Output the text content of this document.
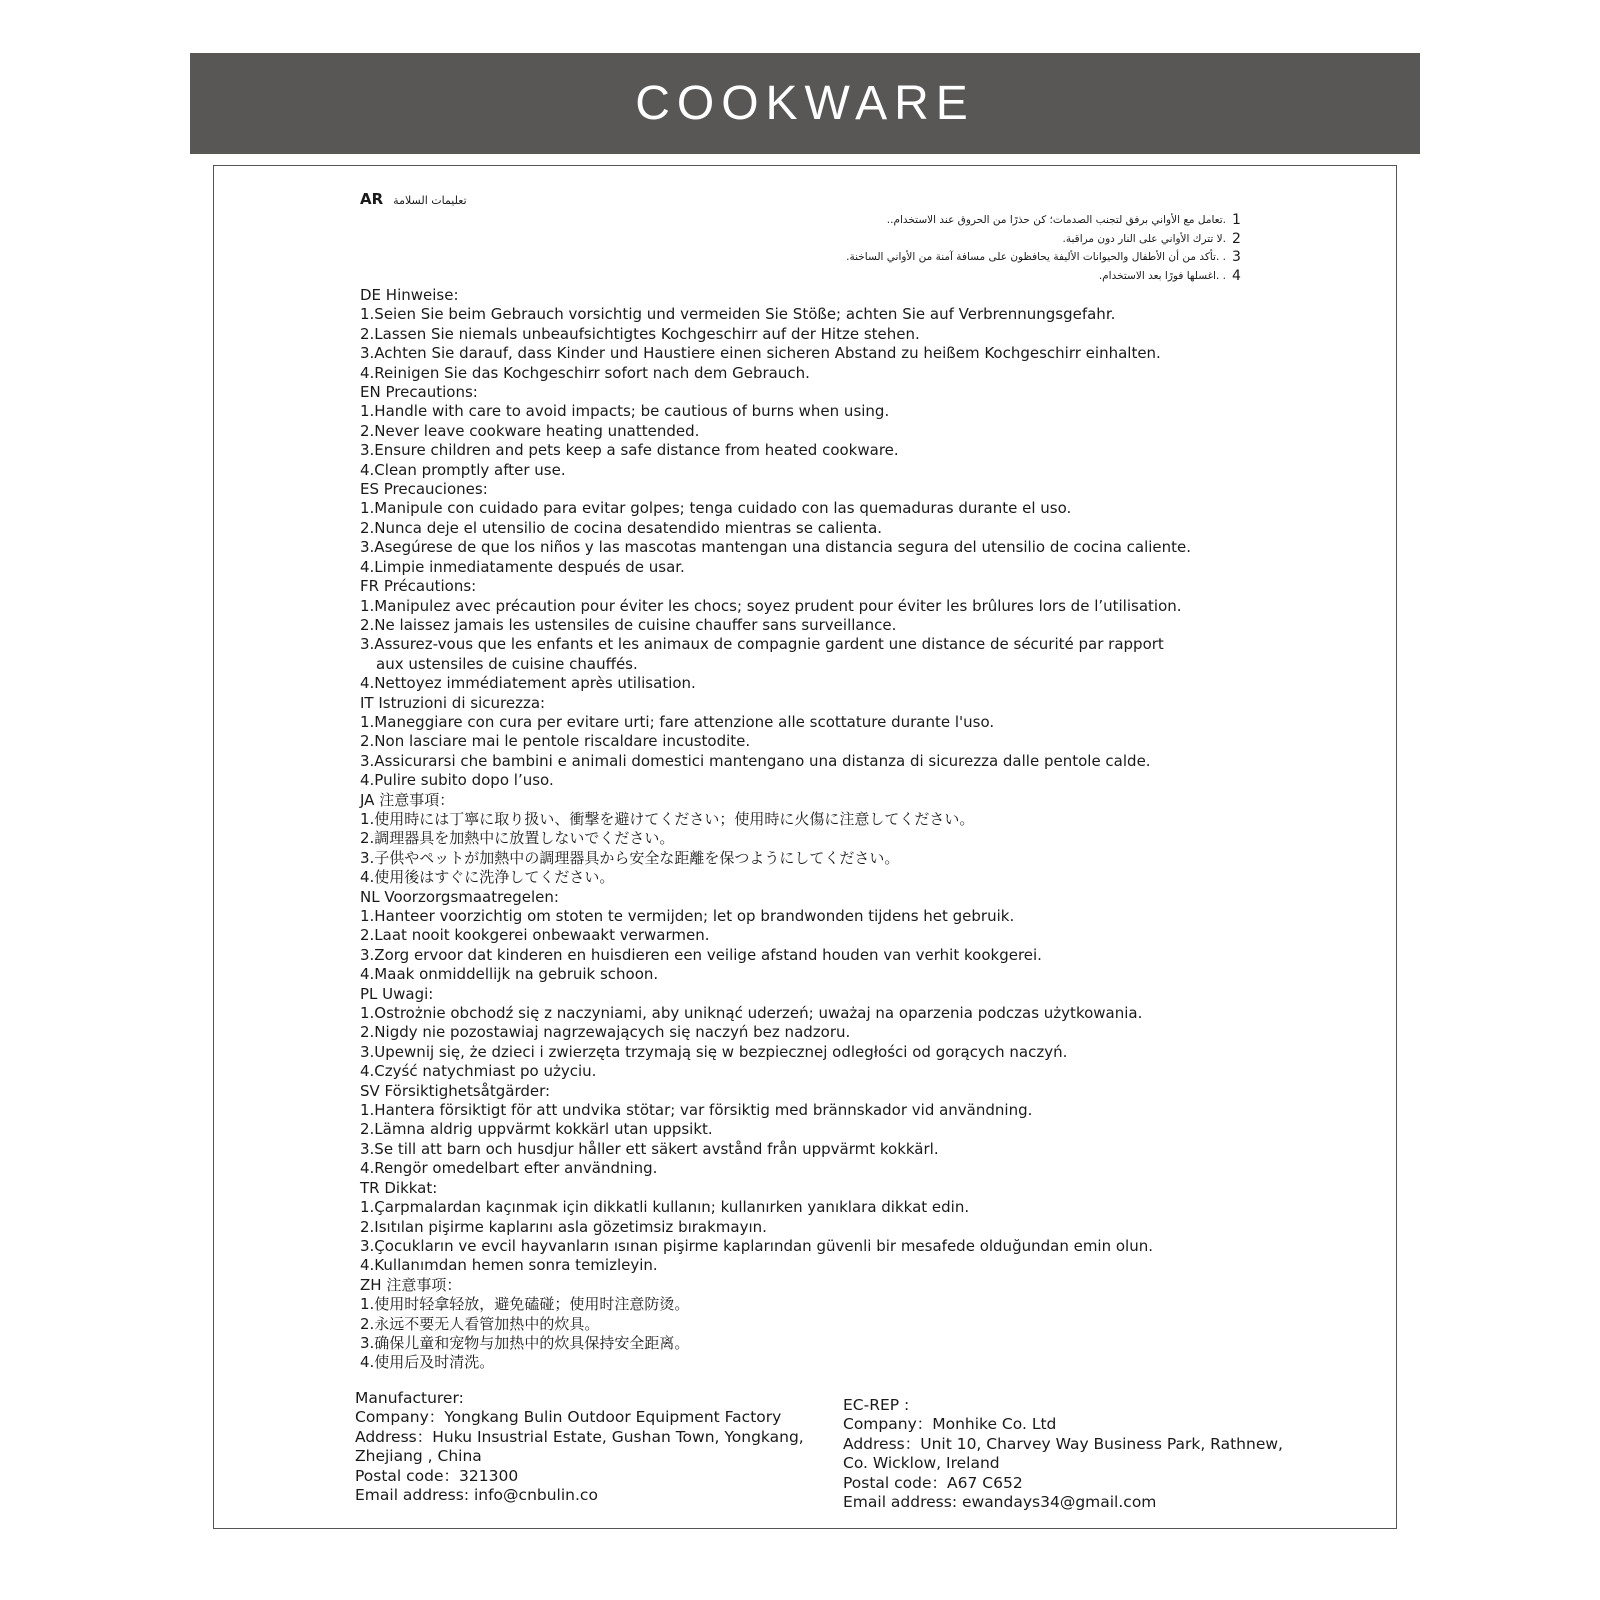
COOKWARE
AR تعليمات السلامة
.تعامل مع الأواني برفق لتجنب الصدمات؛ كن حذرًا من الحروق عند الاستخدام.. 1
.لا تترك الأواني على النار دون مراقبة. 2
. .تأكد من أن الأطفال والحيوانات الأليفة يحافظون على مسافة آمنة من الأواني الساخنة. 3
. .اغسلها فورًا بعد الاستخدام. 4
DE Hinweise:
1.Seien Sie beim Gebrauch vorsichtig und vermeiden Sie Stöße; achten Sie auf Verbrennungsgefahr.
2.Lassen Sie niemals unbeaufsichtigtes Kochgeschirr auf der Hitze stehen.
3.Achten Sie darauf, dass Kinder und Haustiere einen sicheren Abstand zu heißem Kochgeschirr einhalten.
4.Reinigen Sie das Kochgeschirr sofort nach dem Gebrauch.
EN Precautions:
1.Handle with care to avoid impacts; be cautious of burns when using.
2.Never leave cookware heating unattended.
3.Ensure children and pets keep a safe distance from heated cookware.
4.Clean promptly after use.
ES Precauciones:
1.Manipule con cuidado para evitar golpes; tenga cuidado con las quemaduras durante el uso.
2.Nunca deje el utensilio de cocina desatendido mientras se calienta.
3.Asegúrese de que los niños y las mascotas mantengan una distancia segura del utensilio de cocina caliente.
4.Limpie inmediatamente después de usar.
FR Précautions:
1.Manipulez avec précaution pour éviter les chocs; soyez prudent pour éviter les brûlures lors de l’utilisation.
2.Ne laissez jamais les ustensiles de cuisine chauffer sans surveillance.
3.Assurez-vous que les enfants et les animaux de compagnie gardent une distance de sécurité par rapport aux ustensiles de cuisine chauffés.
4.Nettoyez immédiatement après utilisation.
IT Istruzioni di sicurezza:
1.Maneggiare con cura per evitare urti; fare attenzione alle scottature durante l'uso.
2.Non lasciare mai le pentole riscaldare incustodite.
3.Assicurarsi che bambini e animali domestici mantengano una distanza di sicurezza dalle pentole calde.
4.Pulire subito dopo l’uso.
JA 注意事項：
1.使用時には丁寧に取り扱い、衝撃を避けてください；使用時に火傷に注意してください。
2.調理器具を加熱中に放置しないでください。
3.子供やペットが加熱中の調理器具から安全な距離を保つようにしてください。
4.使用後はすぐに洗浄してください。
NL Voorzorgsmaatregelen:
1.Hanteer voorzichtig om stoten te vermijden; let op brandwonden tijdens het gebruik.
2.Laat nooit kookgerei onbewaakt verwarmen.
3.Zorg ervoor dat kinderen en huisdieren een veilige afstand houden van verhit kookgerei.
4.Maak onmiddellijk na gebruik schoon.
PL Uwagi:
1.Ostrożnie obchodź się z naczyniami, aby uniknąć uderzeń; uważaj na oparzenia podczas użytkowania.
2.Nigdy nie pozostawiaj nagrzewających się naczyń bez nadzoru.
3.Upewnij się, że dzieci i zwierzęta trzymają się w bezpiecznej odległości od gorących naczyń.
4.Czyść natychmiast po użyciu.
SV Försiktighetsåtgärder:
1.Hantera försiktigt för att undvika stötar; var försiktig med brännskador vid användning.
2.Lämna aldrig uppvärmt kokkärl utan uppsikt.
3.Se till att barn och husdjur håller ett säkert avstånd från uppvärmt kokkärl.
4.Rengör omedelbart efter användning.
TR Dikkat:
1.Çarpmalardan kaçınmak için dikkatli kullanın; kullanırken yanıklara dikkat edin.
2.Isıtılan pişirme kaplarını asla gözetimsiz bırakmayın.
3.Çocukların ve evcil hayvanların ısınan pişirme kaplarından güvenli bir mesafede olduğundan emin olun.
4.Kullanımdan hemen sonra temizleyin.
ZH 注意事项：
1.使用时轻拿轻放，避免磕碰；使用时注意防烫。
2.永远不要无人看管加热中的炊具。
3.确保儿童和宠物与加热中的炊具保持安全距离。
4.使用后及时清洗。
Manufacturer:
Company：Yongkang Bulin Outdoor Equipment Factory
Address：Huku Insustrial Estate, Gushan Town, Yongkang,
Zhejiang , China
Postal code：321300
Email address: info@cnbulin.co
EC-REP :
Company：Monhike Co. Ltd
Address：Unit 10, Charvey Way Business Park, Rathnew,
Co. Wicklow, Ireland
Postal code：A67 C652
Email address: ewandays34@gmail.com
